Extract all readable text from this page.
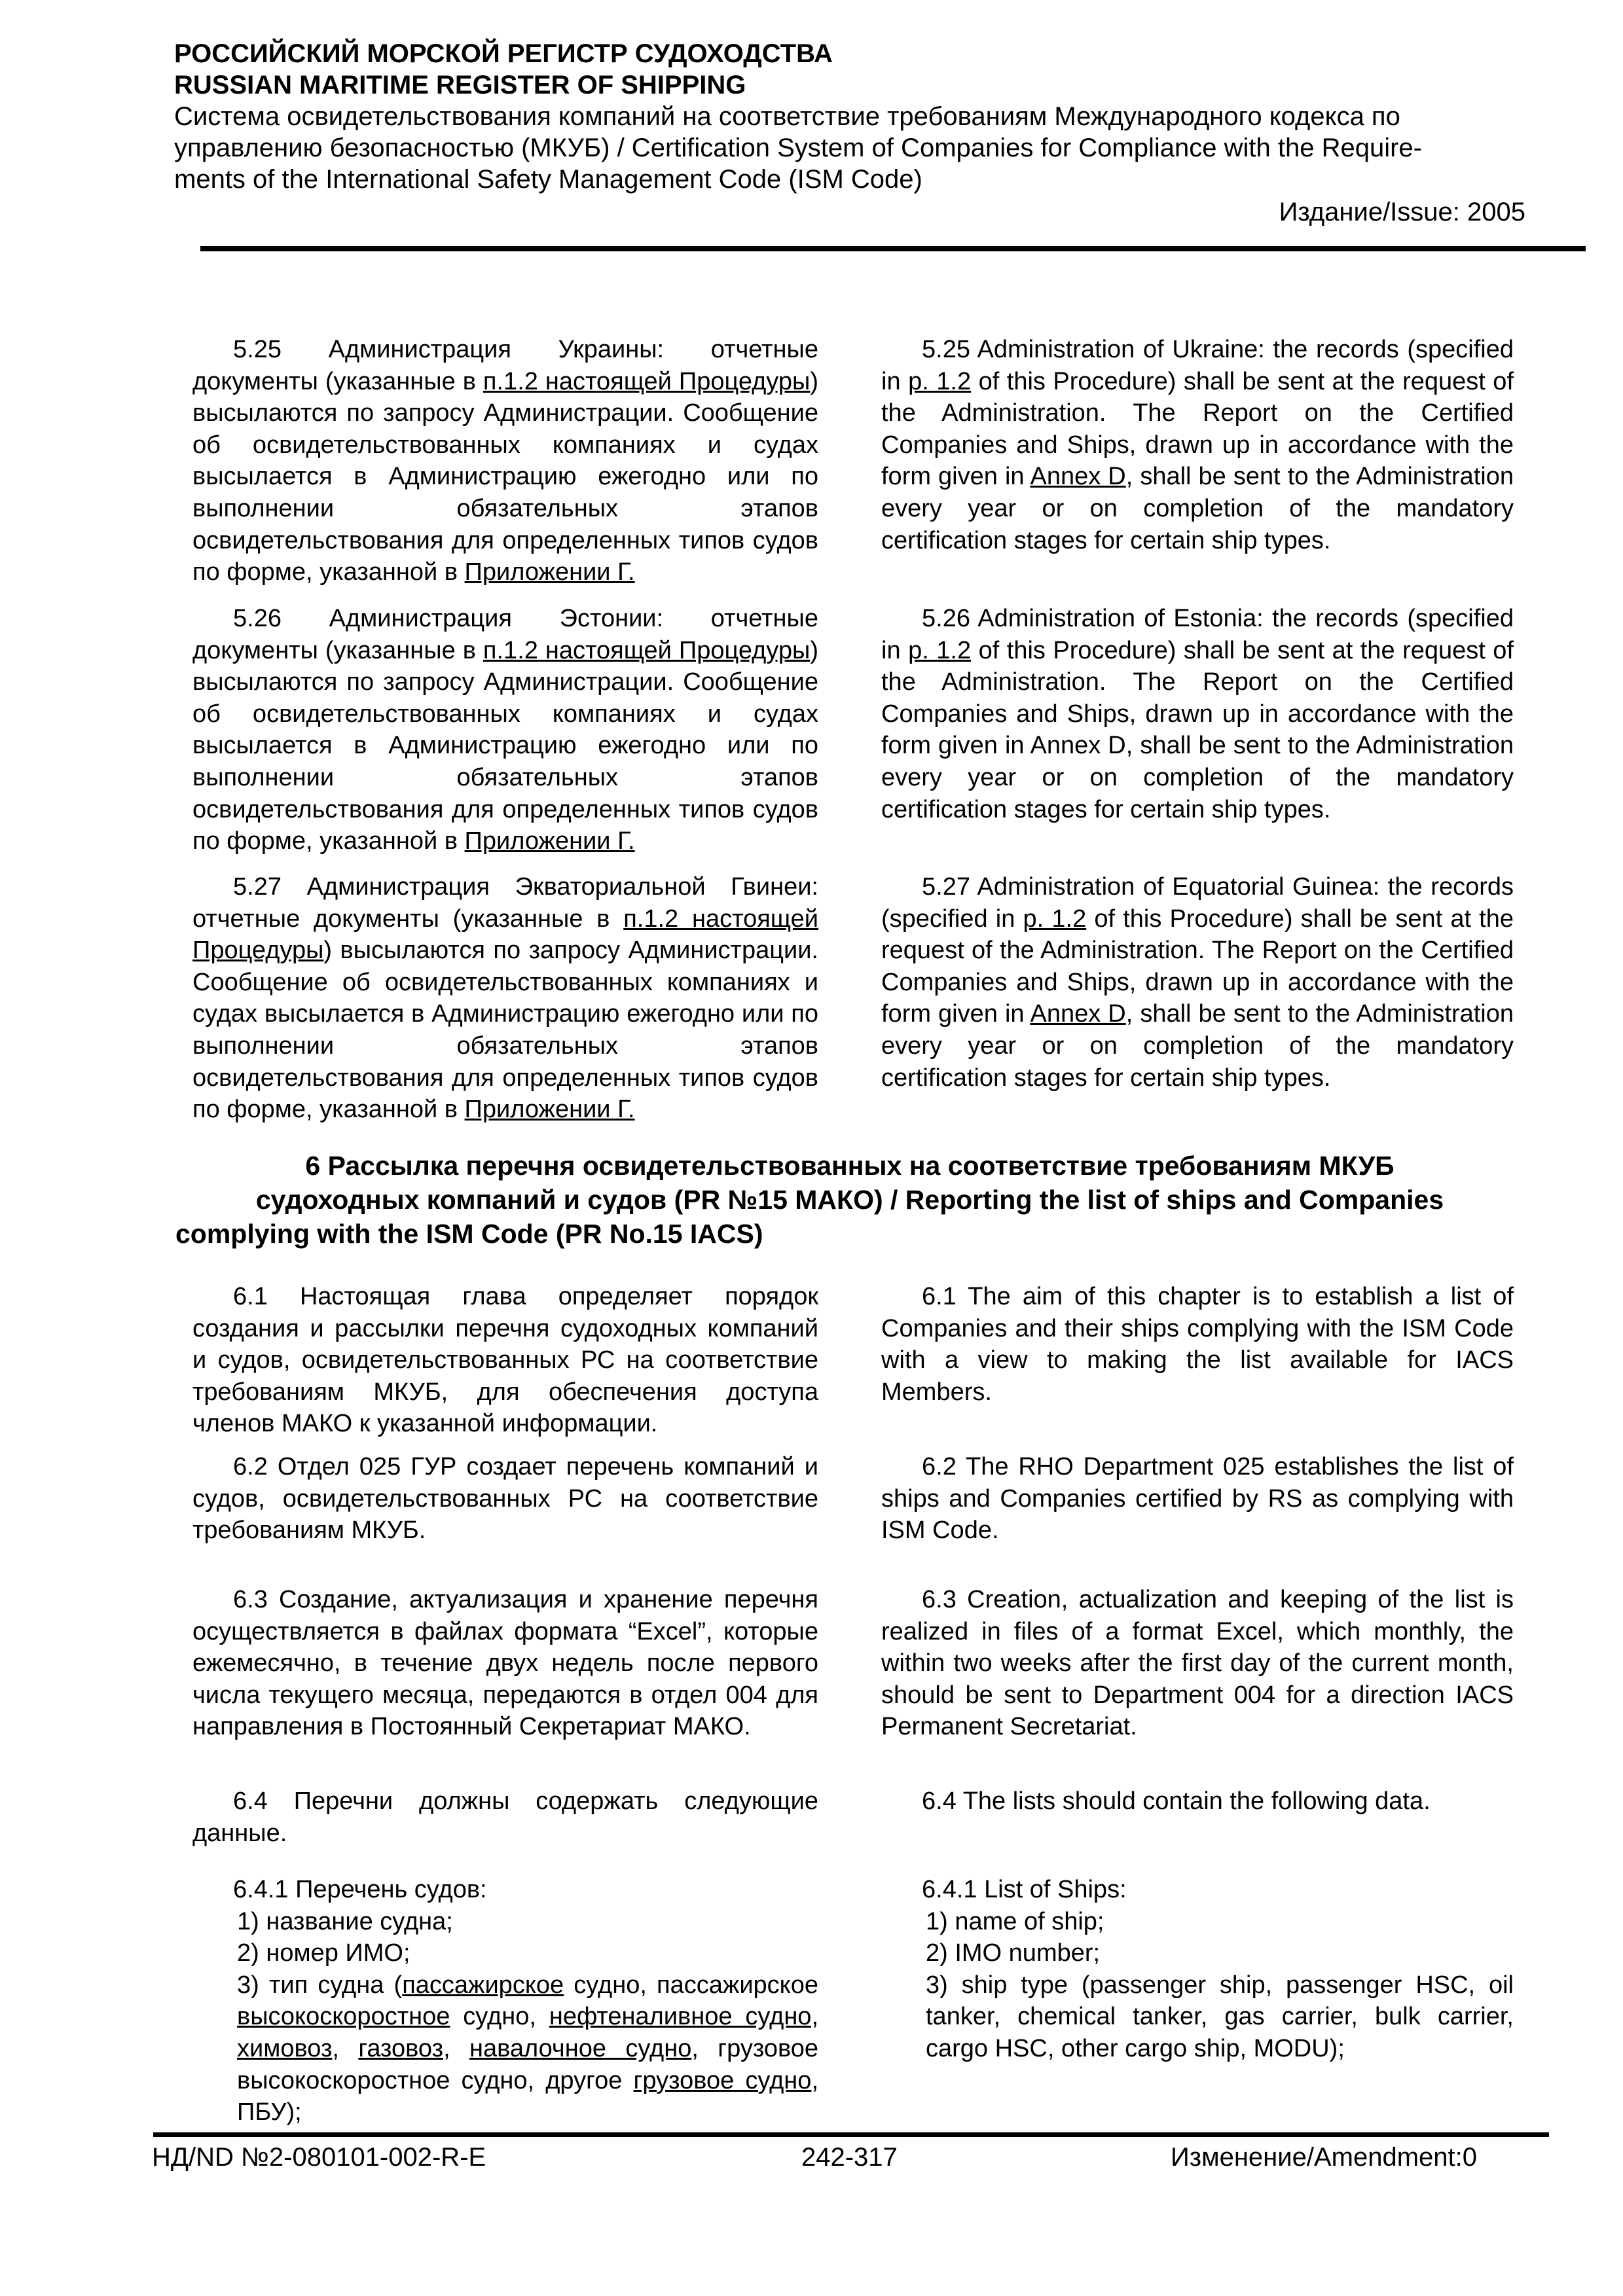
РОССИЙСКИЙ МОРСКОЙ РЕГИСТР СУДОХОДСТВА
RUSSIAN MARITIME REGISTER OF SHIPPING
Система освидетельствования компаний на соответствие требованиям Международного кодекса по
управлению безопасностью (МКУБ) / Certification System of Companies for Compliance with the Require-
ments of the International Safety Management Code (ISM Code)
Издание/Issue: 2005

5.25 Администрация Украины: отчетные документы (указанные в п.1.2 настоящей Процедуры) высылаются по запросу Администрации. Сообщение об освидетельствованных компаниях и судах высылается в Администрацию ежегодно или по выполнении обязательных этапов освидетельствования для определенных типов судов по форме, указанной в Приложении Г.

5.25 Administration of Ukraine: the records (specified in p. 1.2 of this Procedure) shall be sent at the request of the Administration. The Report on the Certified Companies and Ships, drawn up in accordance with the form given in Annex D, shall be sent to the Administration every year or on completion of the mandatory certification stages for certain ship types.

5.26 Администрация Эстонии: отчетные документы (указанные в п.1.2 настоящей Процедуры) высылаются по запросу Администрации. Сообщение об освидетельствованных компаниях и судах высылается в Администрацию ежегодно или по выполнении обязательных этапов освидетельствования для определенных типов судов по форме, указанной в Приложении Г.

5.26 Administration of Estonia: the records (specified in p. 1.2 of this Procedure) shall be sent at the request of the Administration. The Report on the Certified Companies and Ships, drawn up in accordance with the form given in Annex D, shall be sent to the Administration every year or on completion of the mandatory certification stages for certain ship types.

5.27 Администрация Экваториальной Гвинеи: отчетные документы (указанные в п.1.2 настоящей Процедуры) высылаются по запросу Администрации. Сообщение об освидетельствованных компаниях и судах высылается в Администрацию ежегодно или по выполнении обязательных этапов освидетельствования для определенных типов судов по форме, указанной в Приложении Г.

5.27 Administration of Equatorial Guinea: the records (specified in p. 1.2 of this Procedure) shall be sent at the request of the Administration. The Report on the Certified Companies and Ships, drawn up in accordance with the form given in Annex D, shall be sent to the Administration every year or on completion of the mandatory certification stages for certain ship types.

6 Рассылка перечня освидетельствованных на соответствие требованиям МКУБ
судоходных компаний и судов (PR №15 МАКО) / Reporting the list of ships and Companies
complying with the ISM Code (PR No.15 IACS)

6.1 Настоящая глава определяет порядок создания и рассылки перечня судоходных компаний и судов, освидетельствованных РС на соответствие требованиям МКУБ, для обеспечения доступа членов МАКО к указанной информации.

6.1 The aim of this chapter is to establish a list of Companies and their ships complying with the ISM Code with a view to making the list available for IACS Members.

6.2 Отдел 025 ГУР создает перечень компаний и судов, освидетельствованных РС на соответствие требованиям МКУБ.

6.2 The RHO Department 025 establishes the list of ships and Companies certified by RS as complying with ISM Code.

6.3 Создание, актуализация и хранение перечня осуществляется в файлах формата “Excel”, которые ежемесячно, в течение двух недель после первого числа текущего месяца, передаются в отдел 004 для направления в Постоянный Секретариат МАКО.

6.3 Creation, actualization and keeping of the list is realized in files of a format Excel, which monthly, the within two weeks after the first day of the current month, should be sent to Department 004 for a direction IACS Permanent Secretariat.

6.4 Перечни должны содержать следующие данные.

6.4 The lists should contain the following data.

6.4.1 Перечень судов:

1) название судна;

2) номер ИМО;

3) тип судна (пассажирское судно, пассажирское высокоскоростное судно, нефтеналивное судно, химовоз, газовоз, навалочное судно, грузовое высокоскоростное судно, другое грузовое судно, ПБУ);

6.4.1 List of Ships:

1) name of ship;

2) IMO number;

3) ship type (passenger ship, passenger HSC, oil tanker, chemical tanker, gas carrier, bulk carrier, cargo HSC, other cargo ship, MODU);

НД/ND №2-080101-002-R-E	242-317	Изменение/Amendment:0
